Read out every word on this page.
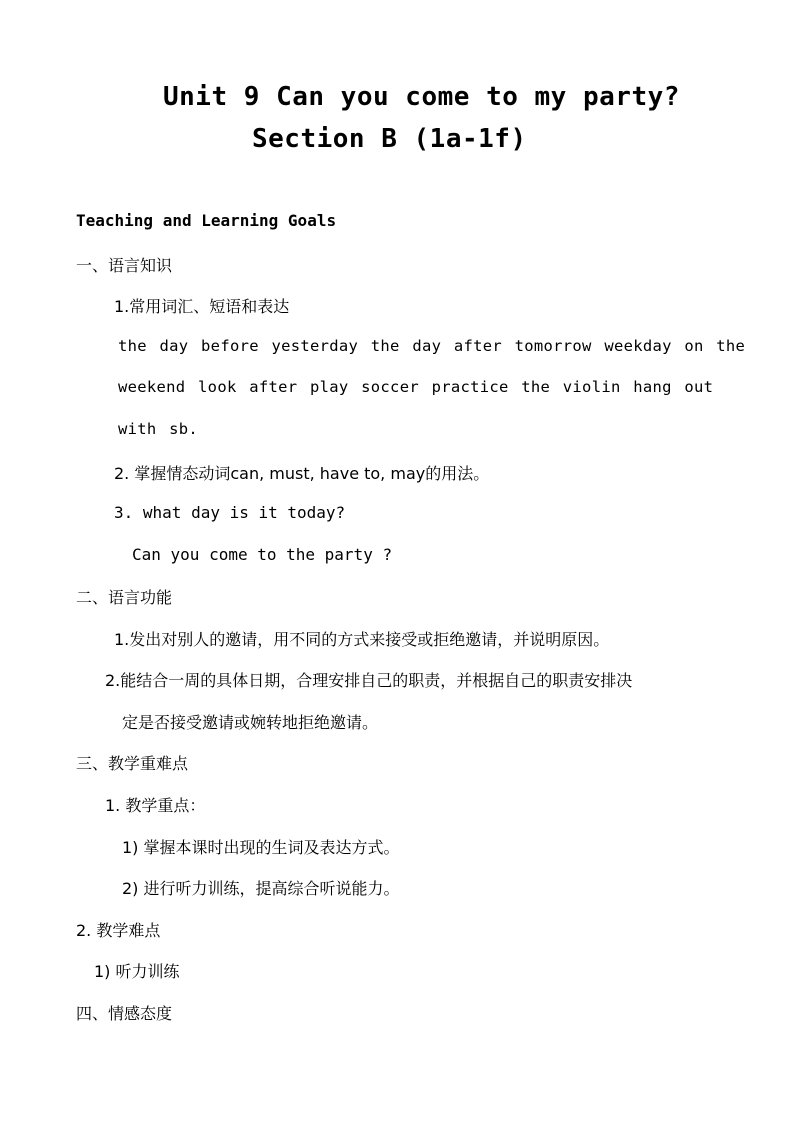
Unit 9 Can you come to my party?

Section B (1a-1f)

Teaching and Learning Goals

一、语言知识

1.常用词汇、短语和表达

the day before yesterday the day after tomorrow weekday on the

weekend look after play soccer practice the violin hang out

with sb.

2. 掌握情态动词can, must, have to, may的用法。

3. what day is it today?

Can you come to the party ?

二、语言功能

1.发出对别人的邀请，用不同的方式来接受或拒绝邀请，并说明原因。

2.能结合一周的具体日期，合理安排自己的职责，并根据自己的职责安排决

定是否接受邀请或婉转地拒绝邀请。

三、教学重难点

1. 教学重点：

1) 掌握本课时出现的生词及表达方式。

2) 进行听力训练，提高综合听说能力。

2. 教学难点

1) 听力训练

四、情感态度
